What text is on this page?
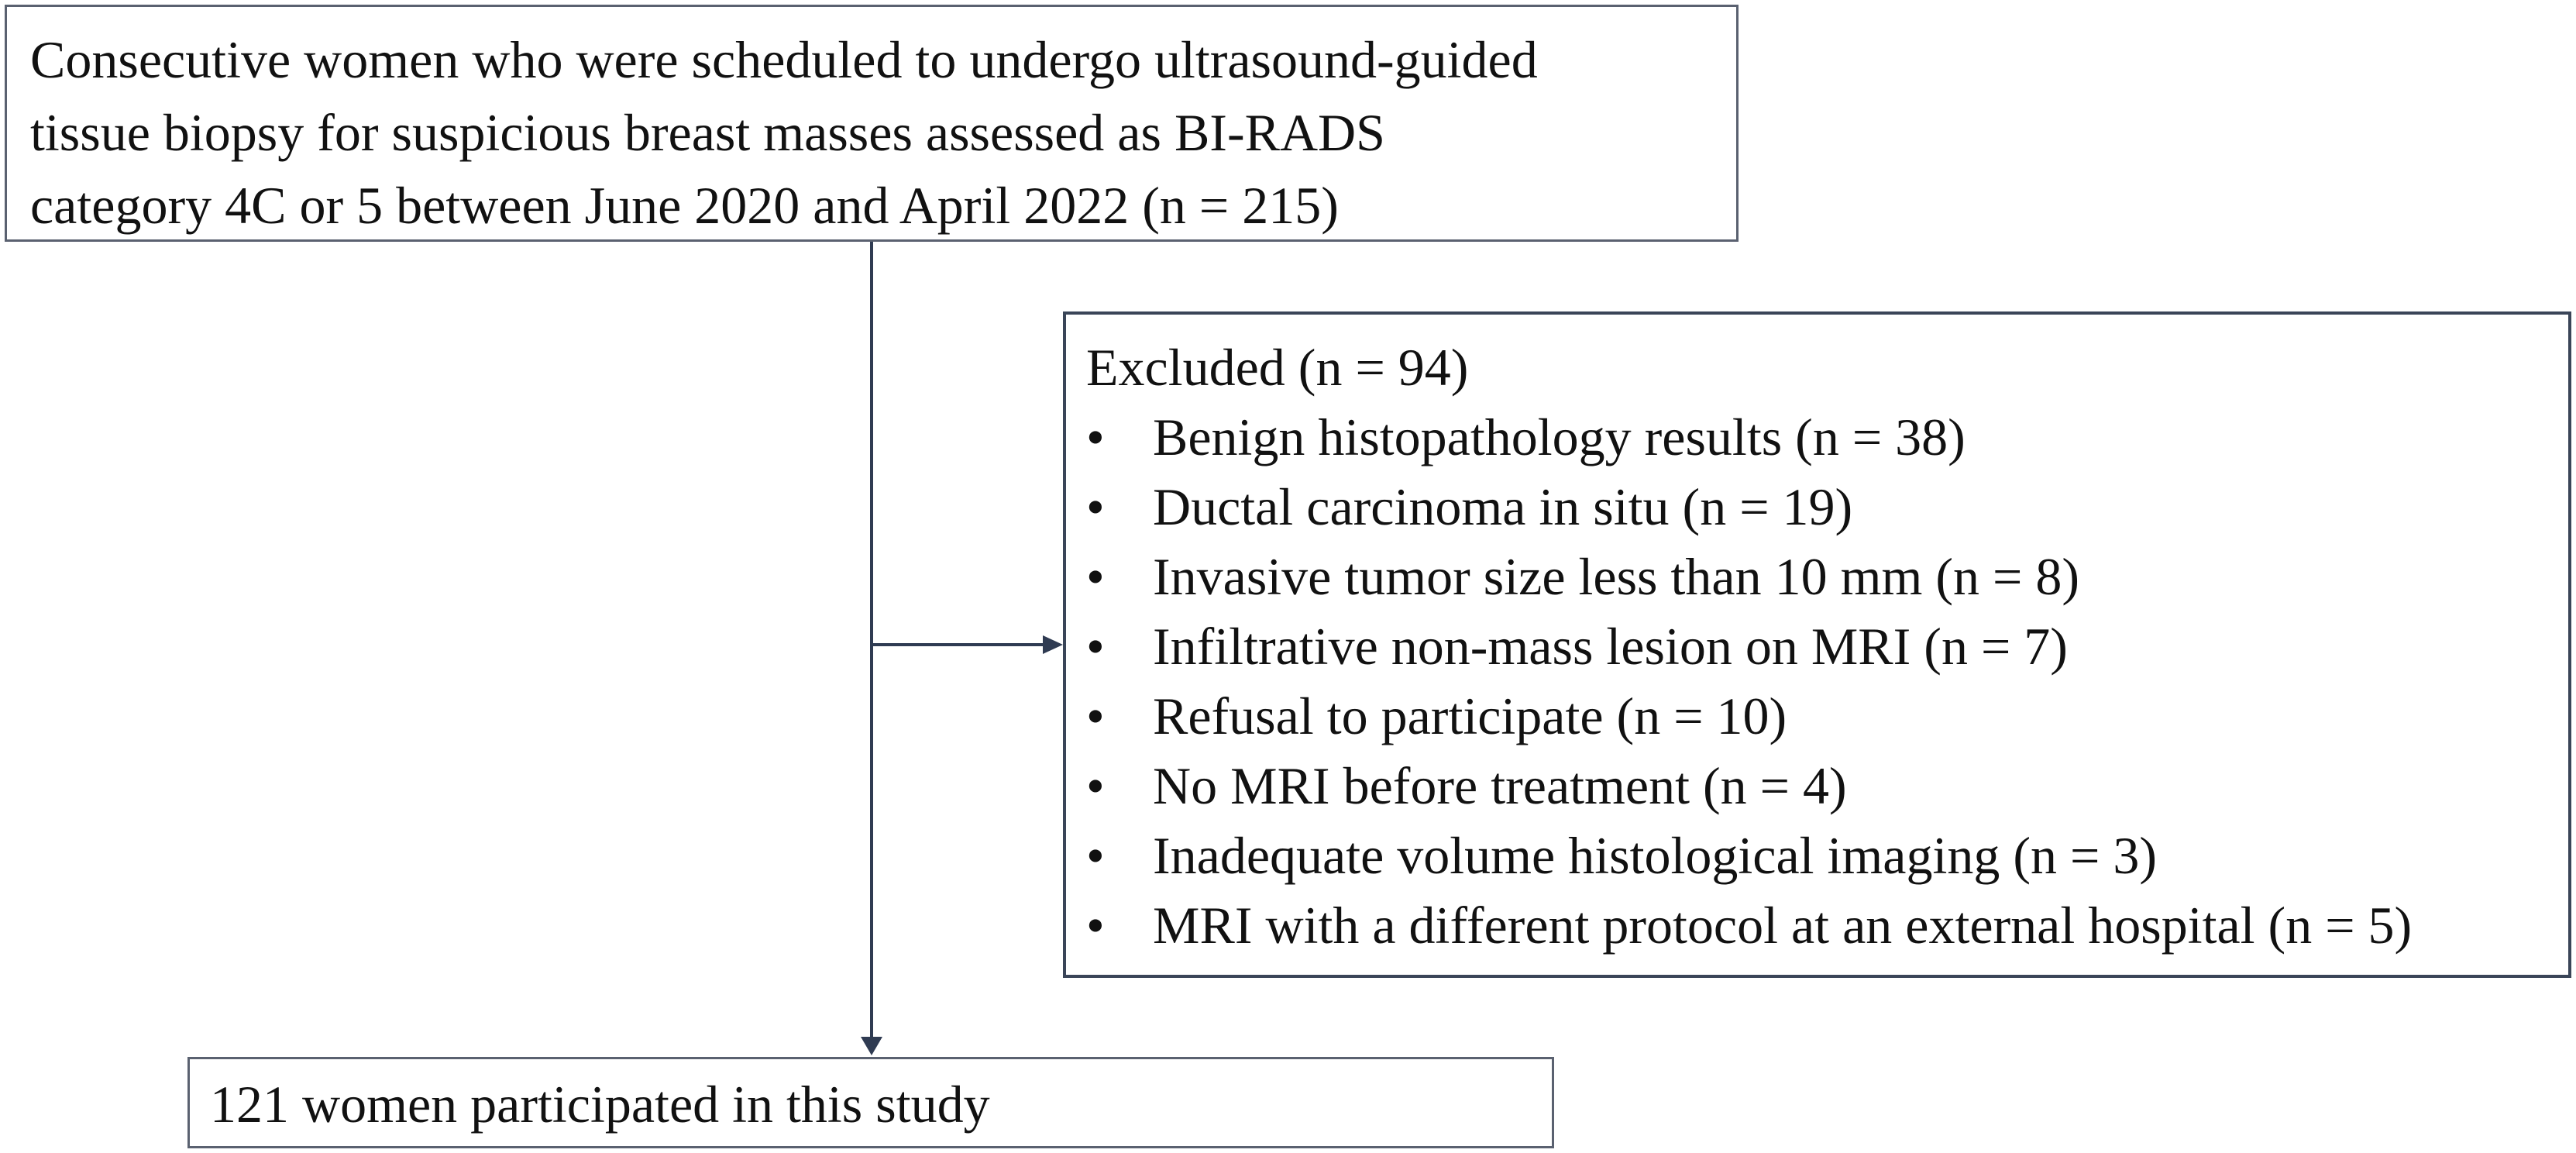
Consecutive women who were scheduled to undergo ultrasound-guided
tissue biopsy for suspicious breast masses assessed as BI-RADS
category 4C or 5 between June 2020 and April 2022 (n = 215)
Excluded (n = 94)
• Benign histopathology results (n = 38)
• Ductal carcinoma in situ (n = 19)
• Invasive tumor size less than 10 mm (n = 8)
• Infiltrative non-mass lesion on MRI (n = 7)
• Refusal to participate (n = 10)
• No MRI before treatment (n = 4)
• Inadequate volume histological imaging (n = 3)
• MRI with a different protocol at an external hospital (n = 5)
121 women participated in this study
